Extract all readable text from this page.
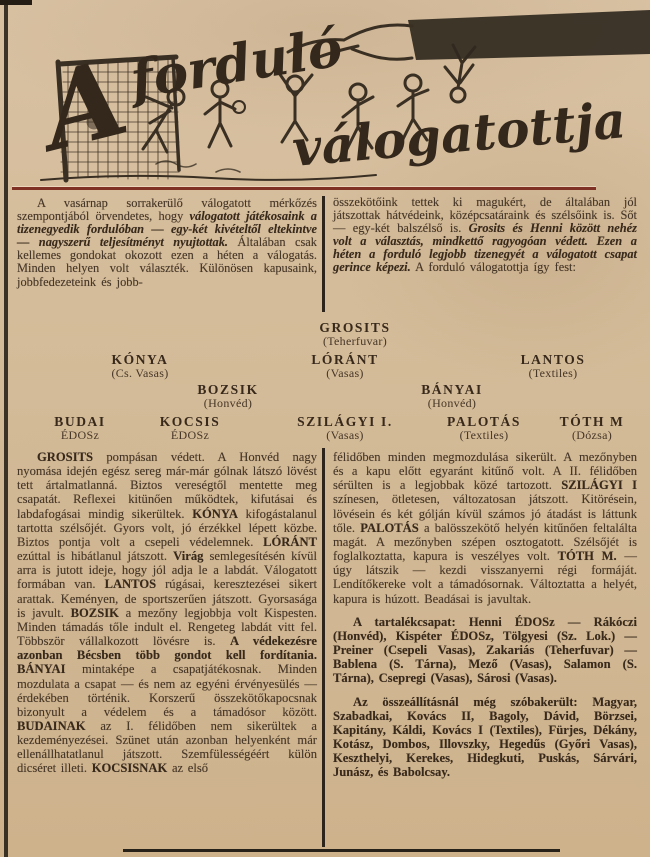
A
forduló
válogatottja

A vasárnap sorrakerülő válogatott mérkőzés szempontjából örvendetes, hogy válogatott játékosaink a tizenegyedik fordulóban — egy-két kivételtől eltekintve — nagyszerű teljesítményt nyujtottak. Általában csak kellemes gondokat okozott ezen a héten a válogatás. Minden helyen volt választék. Különösen kapusaink, jobbfedezeteink és jobb-

összekötőink tettek ki magukért, de általában jól játszottak hátvédeink, középcsatáraink és szélsőink is. Sőt — egy-két balszélső is. Grosits és Henni között nehéz volt a választás, mindkettő ragyogóan védett. Ezen a héten a forduló legjobb tizenegyét a válogatott csapat gerince képezi. A forduló válogatottja így fest:

GROSITS
(Teherfuvar)
KÓNYA
(Cs. Vasas)
LÓRÁNT
(Vasas)
LANTOS
(Textiles)
BOZSIK
(Honvéd)
BÁNYAI
(Honvéd)
BUDAI
ÉDOSz
KOCSIS
ÉDOSz
SZILÁGYI I.
(Vasas)
PALOTÁS
(Textiles)
TÓTH M
(Dózsa)

GROSITS pompásan védett. A Honvéd nagy nyomása idején egész sereg már-már gólnak látszó lövést tett ártalmatlanná. Biztos vereségtől mentette meg csapatát. Reflexei kitünően működtek, kifutásai és labdafogásai mindig sikerültek. KÓNYA kifogástalanul tartotta szélsőjét. Gyors volt, jó érzékkel lépett közbe. Biztos pontja volt a csepeli védelemnek. LÓRÁNT ezúttal is hibátlanul játszott. Virág semlegesítésén kívül arra is jutott ideje, hogy jól adja le a labdát. Válogatott formában van. LANTOS rúgásai, keresztezései sikert arattak. Keményen, de sportszerűen játszott. Gyorsasága is javult. BOZSIK a mezőny legjobbja volt Kispesten. Minden támadás tőle indult el. Rengeteg labdát vitt fel. Többször vállalkozott lövésre is. A védekezésre azonban Bécsben több gondot kell fordítania. BÁNYAI mintaképe a csapatjátékosnak. Minden mozdulata a csapat — és nem az egyéni érvényesülés — érdekében történik. Korszerű összekötőkapocsnak bizonyult a védelem és a támadósor között. BUDAINAK az I. félidőben nem sikerültek a kezdeményezései. Szünet után azonban helyenként már ellenállhatatlanul játszott. Szemfülességéért külön dicséret illeti. KOCSISNAK az első

félidőben minden megmozdulása sikerült. A mezőnyben és a kapu előtt egyaránt kitűnő volt. A II. félidőben sérülten is a legjobbak közé tartozott. SZILÁGYI I színesen, ötletesen, változatosan játszott. Kitörésein, lövésein és két gólján kívül számos jó átadást is láttunk tőle. PALOTÁS a balösszekötő helyén kitűnően feltalálta magát. A mezőnyben szépen osztogatott. Szélsőjét is foglalkoztatta, kapura is veszélyes volt. TÓTH M. — úgy látszik — kezdi visszanyerni régi formáját. Lendítőkereke volt a támadósornak. Változtatta a helyét, kapura is húzott. Beadásai is javultak.

A tartalékcsapat: Henni ÉDOSz — Rákóczi (Honvéd), Kispéter ÉDOSz, Tölgyesi (Sz. Lok.) — Preiner (Csepeli Vasas), Zakariás (Teherfuvar) — Bablena (S. Tárna), Mező (Vasas), Salamon (S. Tárna), Csepregi (Vasas), Sárosi (Vasas).

Az összeállításnál még szóbakerült: Magyar, Szabadkai, Kovács II, Bagoly, Dávid, Börzsei, Kapitány, Káldi, Kovács I (Textiles), Fürjes, Dékány, Kotász, Dombos, Illovszky, Hegedűs (Győri Vasas), Keszthelyi, Kerekes, Hidegkuti, Puskás, Sárvári, Junász, és Babolcsay.
